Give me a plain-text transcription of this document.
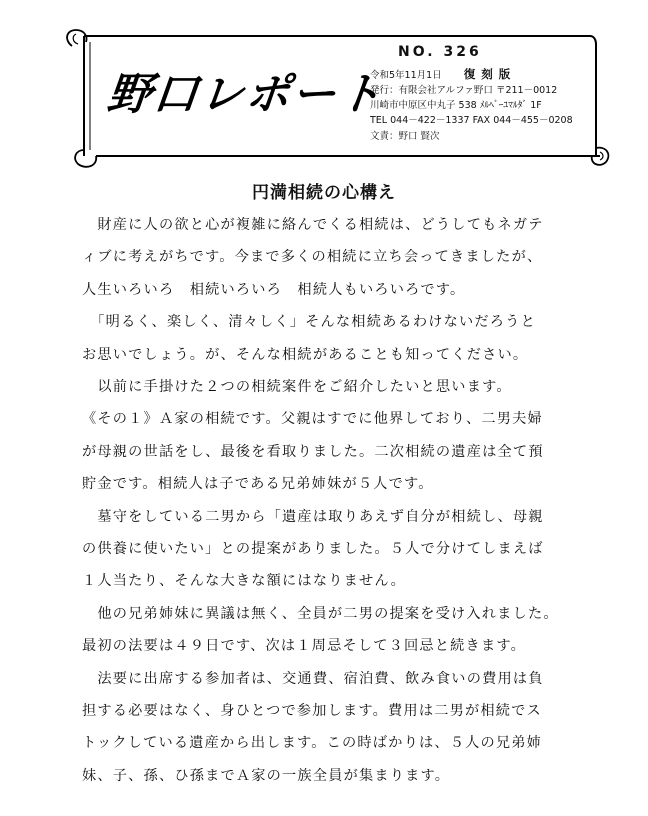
野口レポート
NO. 326
令和5年11月1日 復 刻 版
発行：有限会社アルファ野口 〒211－0012
川崎市中原区中丸子 538 ﾒﾙﾍﾞｰﾕﾏﾙﾀﾞ 1F
TEL 044－422－1337 FAX 044－455－0208
文責：野口 賢次
円満相続の心構え
　財産に人の欲と心が複雑に絡んでくる相続は、どうしてもネガテ
ィブに考えがちです。今まで多くの相続に立ち会ってきましたが、
人生いろいろ　相続いろいろ　相続人もいろいろです。
　「明るく、楽しく、清々しく」そんな相続あるわけないだろうと
お思いでしょう。が、そんな相続があることも知ってください。
　以前に手掛けた２つの相続案件をご紹介したいと思います。
《その１》Ａ家の相続です。父親はすでに他界しており、二男夫婦
が母親の世話をし、最後を看取りました。二次相続の遺産は全て預
貯金です。相続人は子である兄弟姉妹が５人です。
　墓守をしている二男から「遺産は取りあえず自分が相続し、母親
の供養に使いたい」との提案がありました。５人で分けてしまえば
１人当たり、そんな大きな額にはなりません。
　他の兄弟姉妹に異議は無く、全員が二男の提案を受け入れました。
最初の法要は４９日です、次は１周忌そして３回忌と続きます。
　法要に出席する参加者は、交通費、宿泊費、飲み食いの費用は負
担する必要はなく、身ひとつで参加します。費用は二男が相続でス
トックしている遺産から出します。この時ばかりは、５人の兄弟姉
妹、子、孫、ひ孫までＡ家の一族全員が集まります。
